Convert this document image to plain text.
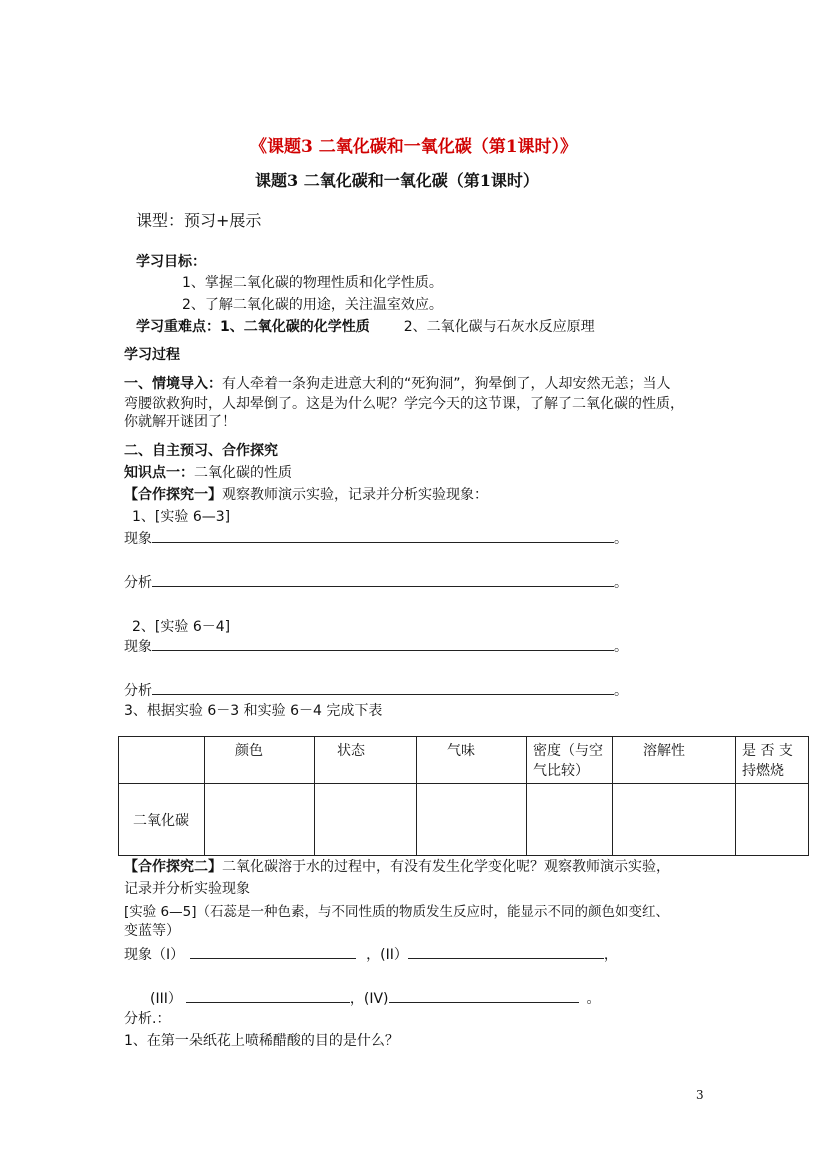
《课题3 二氧化碳和一氧化碳（第1课时）》
课题3 二氧化碳和一氧化碳（第1课时）
课型：预习+展示
学习目标：
1、掌握二氧化碳的物理性质和化学性质。
2、了解二氧化碳的用途，关注温室效应。
学习重难点：1、二氧化碳的化学性质 2、二氧化碳与石灰水反应原理
学习过程
一、情境导入：有人牵着一条狗走进意大利的“死狗洞”，狗晕倒了，人却安然无恙；当人
弯腰欲救狗时，人却晕倒了。这是为什么呢？学完今天的这节课，了解了二氧化碳的性质，
你就解开谜团了！
二、自主预习、合作探究
知识点一：二氧化碳的性质
【合作探究一】观察教师演示实验，记录并分析实验现象：
1、[实验 6—3]
现象	。
分析	。
2、[实验 6－4]
现象	。
分析	。
3、根据实验 6－3 和实验 6－4 完成下表
	颜色	状态	气味	密度（与空气比较）	溶解性	是 否 支持燃烧
二氧化碳						
【合作探究二】二氧化碳溶于水的过程中，有没有发生化学变化呢？观察教师演示实验，
记录并分析实验现象
[实验 6—5]（石蕊是一种色素，与不同性质的物质发生反应时，能显示不同的颜色如变红、
变蓝等）
现象（I）	，(II）	，
(III）	，(IV)	。
分析.：
1、在第一朵纸花上喷稀醋酸的目的是什么？
3
